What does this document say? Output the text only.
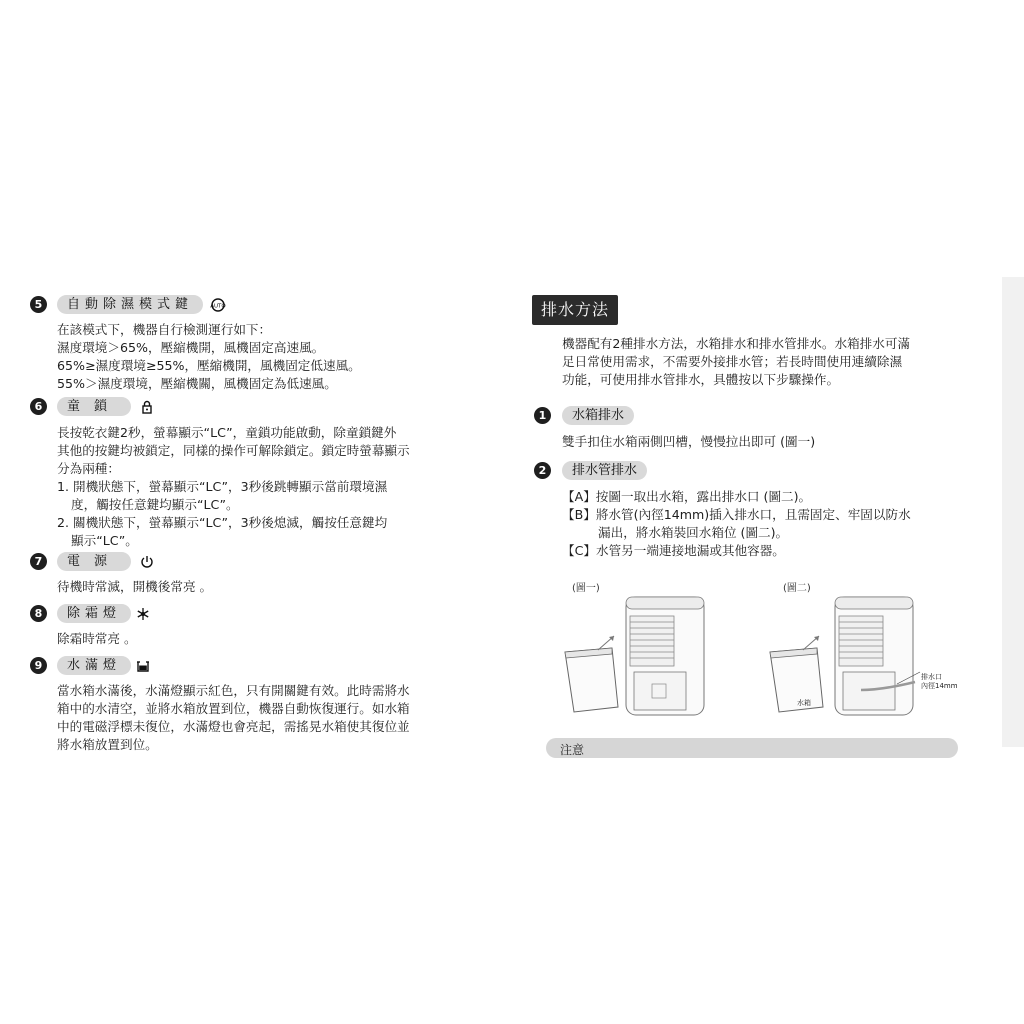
5	自動除濕模式鍵	AUTO
在該模式下，機器自行檢測運行如下：
濕度環境＞65%，壓縮機開，風機固定高速風。
65%≥濕度環境≥55%，壓縮機開，風機固定低速風。
55%＞濕度環境，壓縮機關，風機固定為低速風。
6	童鎖
長按乾衣鍵2秒，螢幕顯示“LC”，童鎖功能啟動，除童鎖鍵外
其他的按鍵均被鎖定，同樣的操作可解除鎖定。鎖定時螢幕顯示
分為兩種：
1. 開機狀態下，螢幕顯示“LC”，3秒後跳轉顯示當前環境濕
度，觸按任意鍵均顯示“LC”。
2. 關機狀態下，螢幕顯示“LC”，3秒後熄滅，觸按任意鍵均
顯示“LC”。
7	電源
待機時常滅，開機後常亮 。
8	除霜燈
除霜時常亮 。
9	水滿燈
當水箱水滿後，水滿燈顯示紅色，只有開關鍵有效。此時需將水
箱中的水清空，並將水箱放置到位，機器自動恢復運行。如水箱
中的電磁浮標未復位，水滿燈也會亮起，需搖晃水箱使其復位並
將水箱放置到位。
排水方法
機器配有2種排水方法，水箱排水和排水管排水。水箱排水可滿
足日常使用需求，不需要外接排水管；若長時間使用連續除濕
功能，可使用排水管排水，具體按以下步驟操作。
1	水箱排水
雙手扣住水箱兩側凹槽，慢慢拉出即可 (圖一)
2	排水管排水
【A】按圖一取出水箱，露出排水口 (圖二)。
【B】將水管(內徑14mm)插入排水口，且需固定、牢固以防水
漏出，將水箱裝回水箱位 (圖二)。
【C】水管另一端連接地漏或其他容器。
(圖一)	(圖二)
排水口
內徑14mm
水箱
注意
